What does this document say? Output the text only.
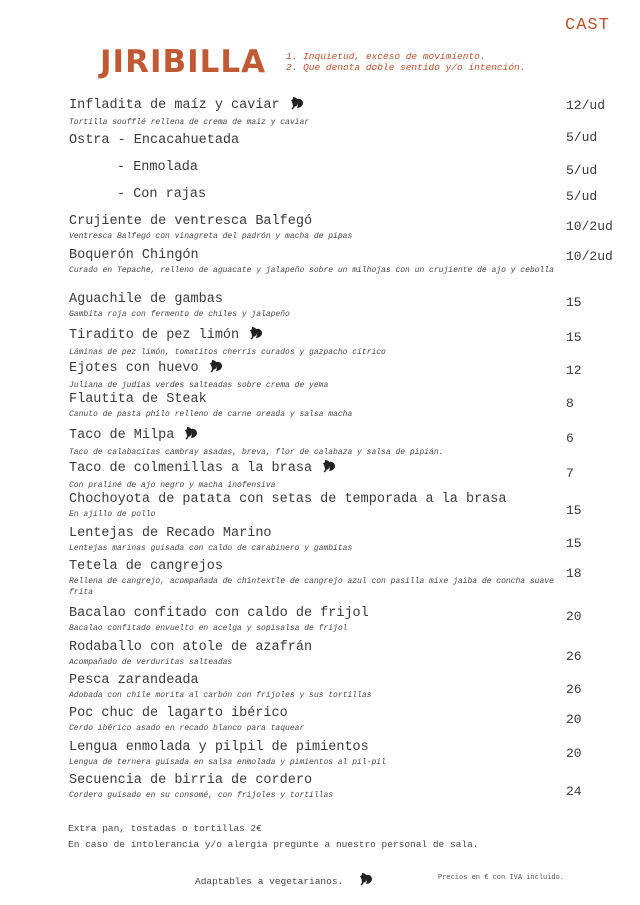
CAST
JIRIBILLA 1. Inquietud, exceso de movimiento.
2. Que denota doble sentido y/o intención.
Infladita de maíz y caviar
Tortilla soufflé rellena de crema de maíz y caviar
12/ud
Ostra - Encacahuetada	5/ud
- Enmolada	5/ud
- Con rajas	5/ud
Crujiente de ventresca Balfegó
Ventresca Balfegó con vinagreta del padrón y macha de pipas
10/2ud
Boquerón Chingón
Curado en Tepache, relleno de aguacate y jalapeño sobre un milhojas con un crujiente de ajo y cebolla
10/2ud
Aguachile de gambas
Gambita roja con fermento de chiles y jalapeño
15
Tiradito de pez limón
Láminas de pez limón, tomatitos cherris curados y gazpacho cítrico
15
Ejotes con huevo
Juliana de judías verdes salteadas sobre crema de yema
12
Flautita de Steak
Canuto de pasta philo relleno de carne oreada y salsa macha
8
Taco de Milpa
Taco de calabacitas cambray asadas, breva, flor de calabaza y salsa de pipián.
6
Taco de colmenillas a la brasa
Con praliné de ajo negro y macha inofensiva
7
Chochoyota de patata con setas de temporada a la brasa
En ajillo de pollo	15
Lentejas de Recado Marino
Lentejas marinas guisada con caldo de carabinero y gambitas	15
Tetela de cangrejos
Rellena de cangrejo, acompañada de chintextle de cangrejo azul con pasilla mixe jaiba de concha suave frita
18
Bacalao confitado con caldo de frijol
Bacalao confitado envuelto en acelga y sopisalsa de frijol
20
Rodaballo con atole de azafrán
Acompañado de verduritas salteadas	26
Pesca zarandeada
Adobada con chile morita al carbón con frijoles y sus tortillas	26
Poc chuc de lagarto ibérico
Cerdo ibérico asado en recado blanco para taquear
20
Lengua enmolada y pilpil de pimientos
Lengua de ternera guisada en salsa enmolada y pimientos al pil-pil
20
Secuencia de birria de cordero
Cordero guisado en su consomé, con frijoles y tortillas	24
Extra pan, tostadas o tortillas 2€
En caso de intolerancia y/o alergia pregunte a nuestro personal de sala.
Adaptables a vegetarianos.	Precios en € con IVA incluido.
